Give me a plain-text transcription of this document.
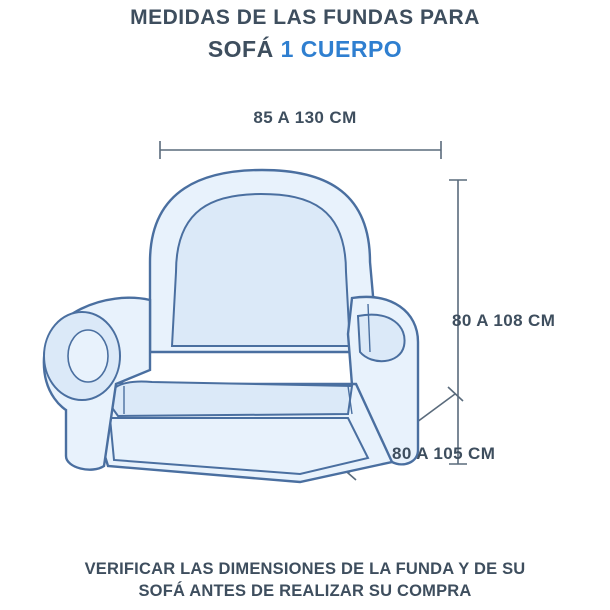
MEDIDAS DE LAS FUNDAS PARA
SOFÁ 1 CUERPO
85 A 130 CM
80 A 108 CM
80 A 105 CM
VERIFICAR LAS DIMENSIONES DE LA FUNDA Y DE SU
SOFÁ ANTES DE REALIZAR SU COMPRA
